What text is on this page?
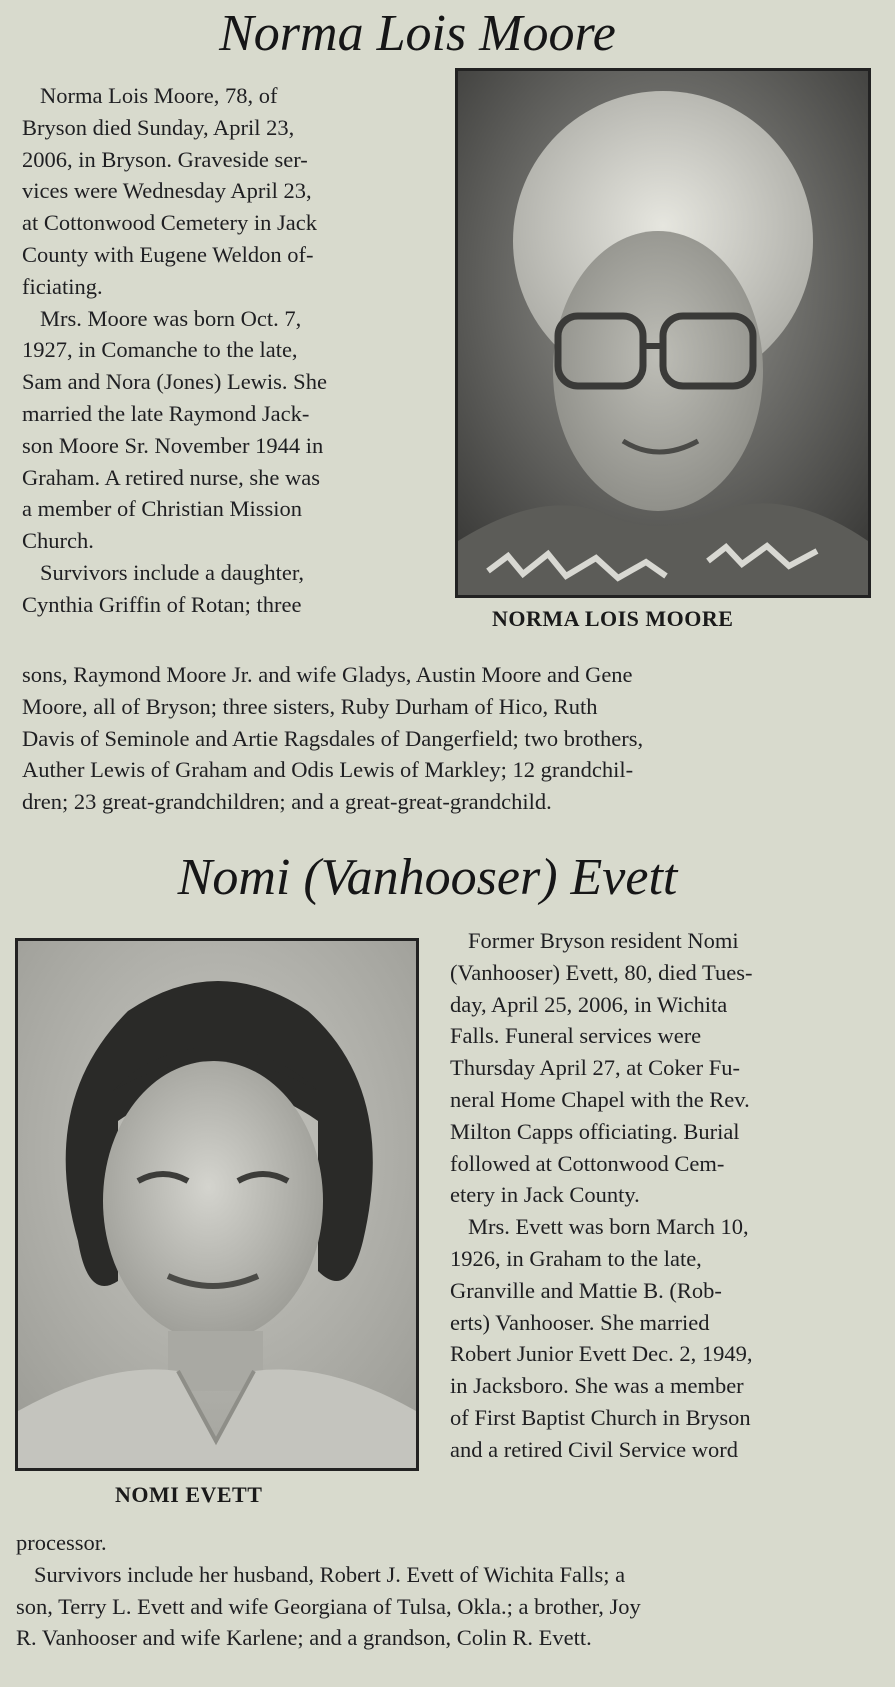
Norma Lois Moore

Norma Lois Moore, 78, of

Bryson died Sunday, April 23,

2006, in Bryson. Graveside ser-

vices were Wednesday April 23,

at Cottonwood Cemetery in Jack

County with Eugene Weldon of-

ficiating.

Mrs. Moore was born Oct. 7,

1927, in Comanche to the late,

Sam and Nora (Jones) Lewis. She

married the late Raymond Jack-

son Moore Sr. November 1944 in

Graham. A retired nurse, she was

a member of Christian Mission

Church.

Survivors include a daughter,

Cynthia Griffin of Rotan; three

NORMA LOIS MOORE

sons, Raymond Moore Jr. and wife Gladys, Austin Moore and Gene

Moore, all of Bryson; three sisters, Ruby Durham of Hico, Ruth

Davis of Seminole and Artie Ragsdales of Dangerfield; two brothers,

Auther Lewis of Graham and Odis Lewis of Markley; 12 grandchil-

dren; 23 great-grandchildren; and a great-great-grandchild.

Nomi (Vanhooser) Evett
NOMI EVETT

Former Bryson resident Nomi

(Vanhooser) Evett, 80, died Tues-

day, April 25, 2006, in Wichita

Falls. Funeral services were

Thursday April 27, at Coker Fu-

neral Home Chapel with the Rev.

Milton Capps officiating. Burial

followed at Cottonwood Cem-

etery in Jack County.

Mrs. Evett was born March 10,

1926, in Graham to the late,

Granville and Mattie B. (Rob-

erts) Vanhooser. She married

Robert Junior Evett Dec. 2, 1949,

in Jacksboro. She was a member

of First Baptist Church in Bryson

and a retired Civil Service word

processor.

Survivors include her husband, Robert J. Evett of Wichita Falls; a

son, Terry L. Evett and wife Georgiana of Tulsa, Okla.; a brother, Joy

R. Vanhooser and wife Karlene; and a grandson, Colin R. Evett.
